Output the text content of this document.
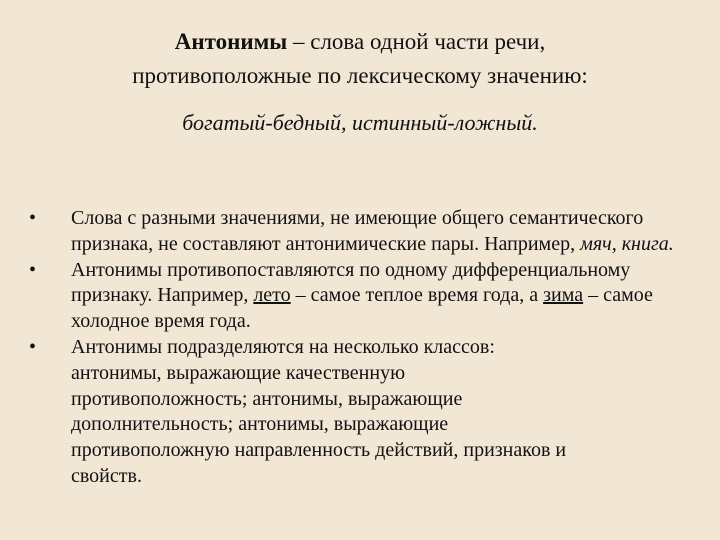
Антонимы – слова одной части речи,
противоположные по лексическому значению:
богатый-бедный, истинный-ложный.
• Слова с разными значениями, не имеющие общего семантического признака, не составляют антонимические пары. Например, мяч, книга.
• Антонимы противопоставляются по одному дифференциальному признаку. Например, лето – самое теплое время года, а зима – самое холодное время года.
• Антонимы подразделяются на несколько классов:
антонимы, выражающие качественную
противоположность; антонимы, выражающие
дополнительность; антонимы, выражающие
противоположную направленность действий, признаков и
свойств.
